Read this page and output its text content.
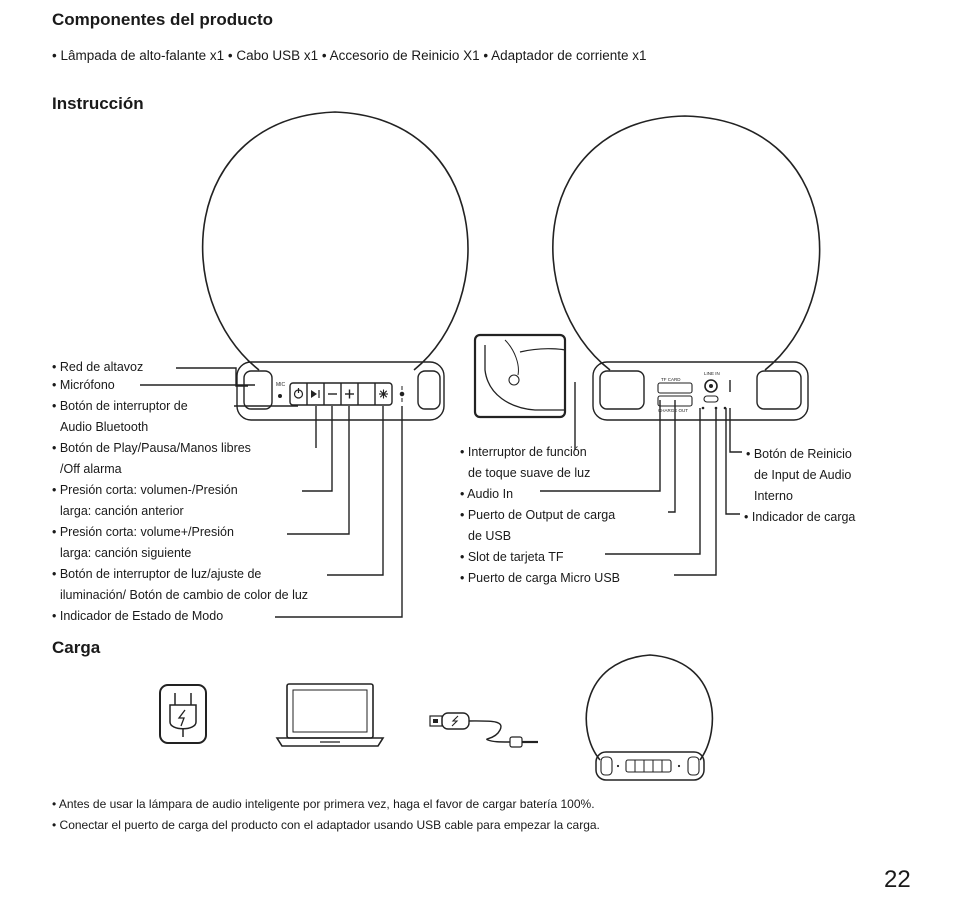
Componentes del producto
• Lâmpada de alto-falante x1 • Cabo USB x1 • Accesorio de Reinicio X1 • Adaptador de corriente x1
Instrucción
MIC
TF CARD
CHARGE OUT
LINE IN
• Red de altavoz
• Micrófono
• Botón de interruptor de
Audio Bluetooth
• Botón de Play/Pausa/Manos libres
/Off alarma
• Presión corta: volumen-/Presión
larga: canción anterior
• Presión corta: volume+/Presión
larga: canción siguiente
• Botón de interruptor de luz/ajuste de
iluminación/ Botón de cambio de color de luz
• Indicador de Estado de Modo
• Interruptor de función
de toque suave de luz
• Audio In
• Puerto de Output de carga
de USB
• Slot de tarjeta TF
• Puerto de carga Micro USB
• Botón de Reinicio
de Input de Audio
Interno
• Indicador de carga
Carga
• Antes de usar la lámpara de audio inteligente por primera vez, haga el favor de cargar batería 100%.
• Conectar el puerto de carga del producto con el adaptador usando USB cable para empezar la carga.
22
